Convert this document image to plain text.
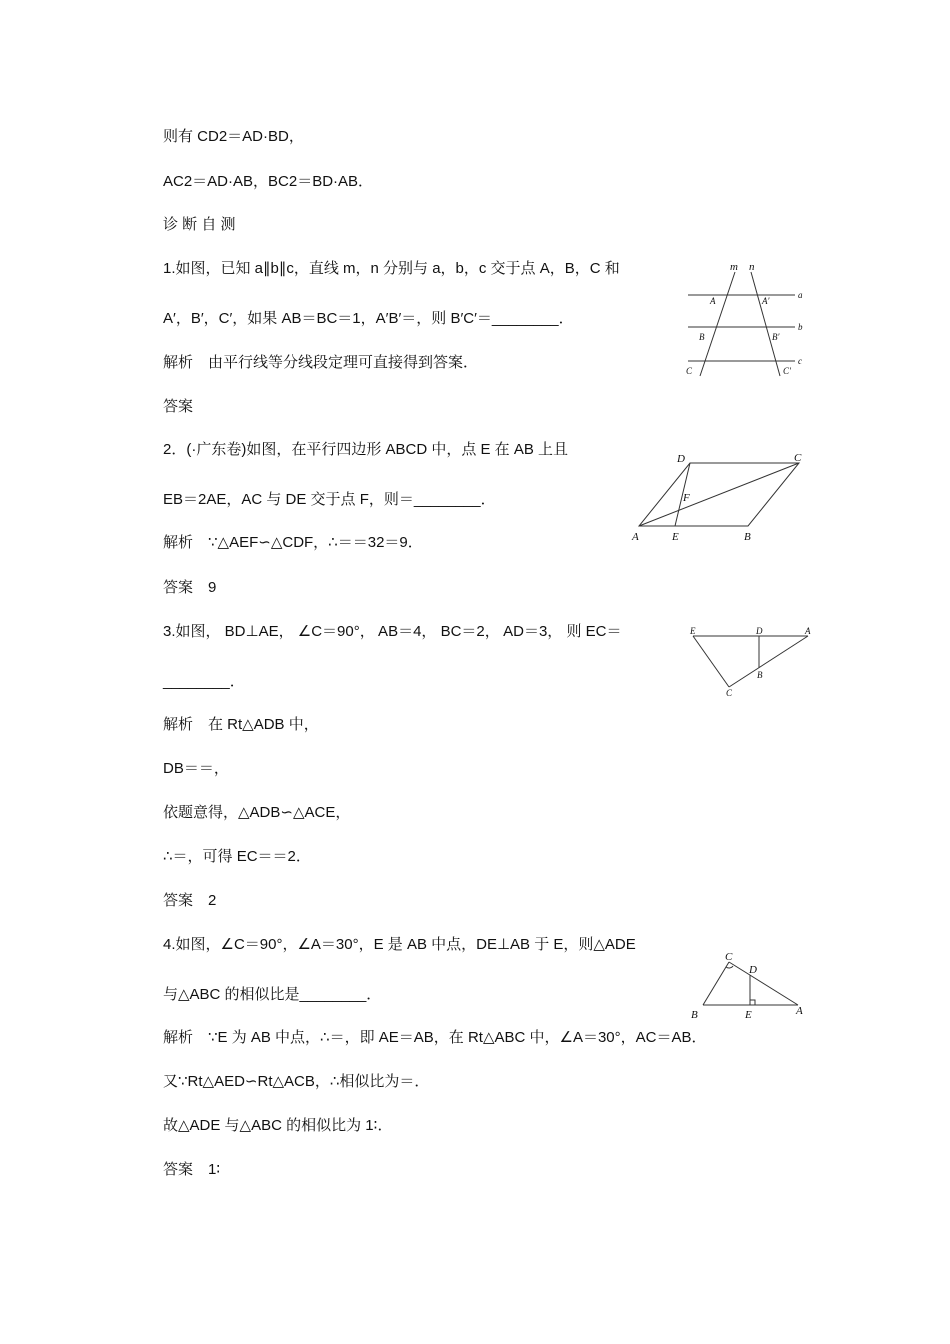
则有 CD2＝AD·BD，
AC2＝AD·AB，BC2＝BD·AB．
诊 断 自 测
1.如图，已知 a∥b∥c，直线 m，n 分别与 a，b，c 交于点 A，B，C 和
A′，B′，C′，如果 AB＝BC＝1，A′B′＝，则 B′C′＝________．
解析　由平行线等分线段定理可直接得到答案．
答案
2．(·广东卷)如图，在平行四边形 ABCD 中，点 E 在 AB 上且
EB＝2AE，AC 与 DE 交于点 F，则＝________．
解析　∵△AEF∽△CDF，∴＝＝32＝9．
答案　9
3.如图， BD⊥AE， ∠C＝90°， AB＝4， BC＝2， AD＝3， 则 EC＝
________．
解析　在 Rt△ADB 中，
DB＝＝，
依题意得，△ADB∽△ACE，
∴＝，可得 EC＝＝2．
答案　2
4.如图，∠C＝90°，∠A＝30°，E 是 AB 中点，DE⊥AB 于 E，则△ADE
与△ABC 的相似比是________．
解析　∵E 为 AB 中点，∴＝，即 AE＝AB，在 Rt△ABC 中，∠A＝30°，AC＝AB．
又∵Rt△AED∽Rt△ACB，∴相似比为＝．
故△ADE 与△ABC 的相似比为 1∶．
答案　1∶
m n
a
b
c
A	A′
B	B′
C	C′
A	B
C
D
E
F
E	D	A
B
C
C
D
B	E	A
